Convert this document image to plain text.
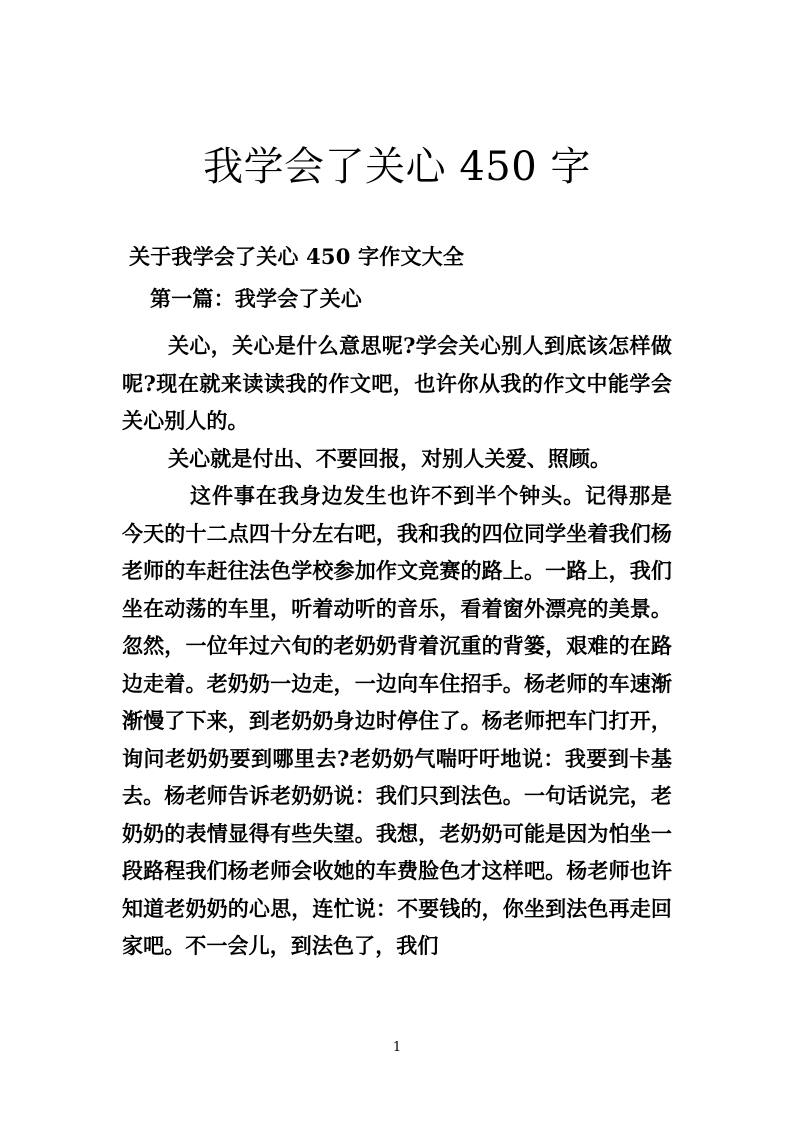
我学会了关心 450 字

关于我学会了关心 450 字作文大全

第一篇：我学会了关心

关心，关心是什么意思呢?学会关心别人到底该怎样做呢?现在就来读读我的作文吧，也许你从我的作文中能学会关心别人的。

关心就是付出、不要回报，对别人关爱、照顾。

这件事在我身边发生也许不到半个钟头。记得那是今天的十二点四十分左右吧，我和我的四位同学坐着我们杨老师的车赶往法色学校参加作文竞赛的路上。一路上，我们坐在动荡的车里，听着动听的音乐，看着窗外漂亮的美景。忽然，一位年过六旬的老奶奶背着沉重的背篓，艰难的在路边走着。老奶奶一边走，一边向车住招手。杨老师的车速渐渐慢了下来，到老奶奶身边时停住了。杨老师把车门打开，询问老奶奶要到哪里去?老奶奶气喘吁吁地说：我要到卡基去。杨老师告诉老奶奶说：我们只到法色。一句话说完，老奶奶的表情显得有些失望。我想，老奶奶可能是因为怕坐一段路程我们杨老师会收她的车费脸色才这样吧。杨老师也许知道老奶奶的心思，连忙说：不要钱的，你坐到法色再走回家吧。不一会儿，到法色了，我们

1
